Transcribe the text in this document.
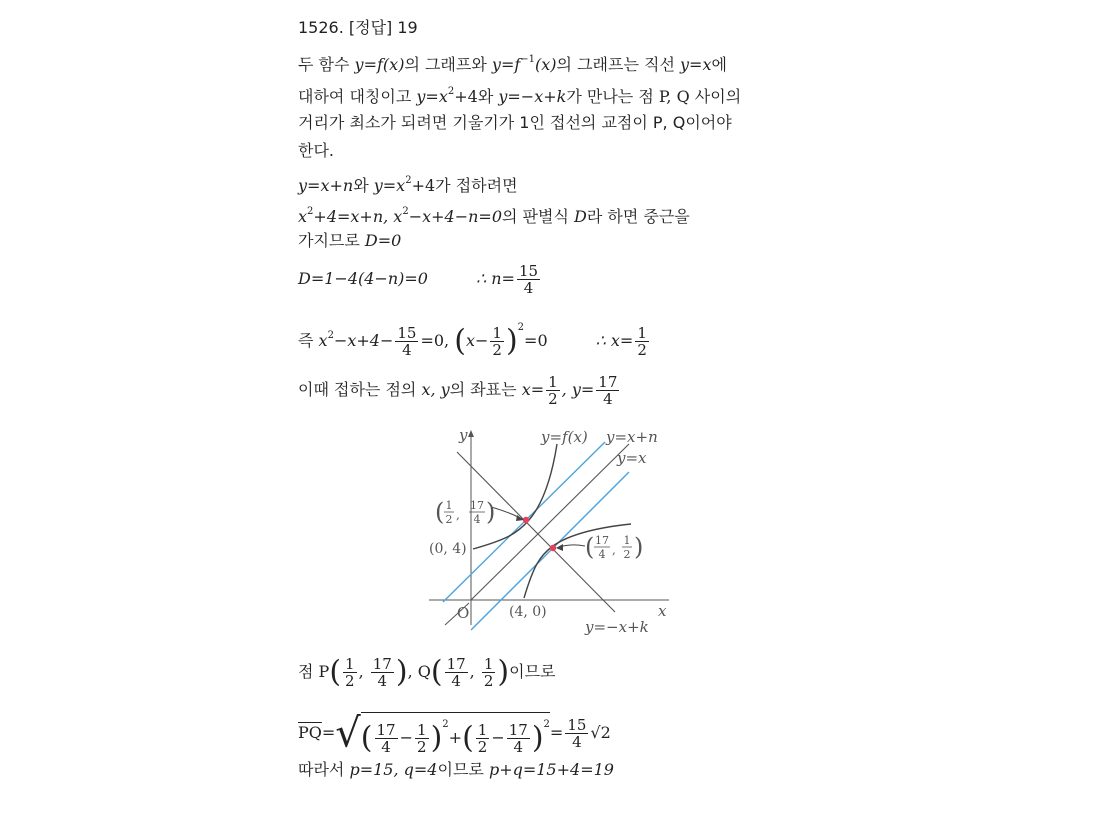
1526. [정답] 19
두 함수 y=f(x)의 그래프와 $y=f^{-1}(x)$의 그래프는 직선 y=x에
대하여 대칭이고 $y=x^2+4$와 y=−x+k가 만나는 점 P, Q 사이의
거리가 최소가 되려면 기울기가 1인 접선의 교점이 P, Q이어야
한다.
y=x+n와 $y=x^2+4$가 접하려면
$x^2+4=x+n$, $x^2-x+4-n=0$의 판별식 D라 하면 중근을
가지므로 D=0
D=1−4(4−n)=0	∴ $n= \frac{15}{4}$
즉 $x^2-x+4- \frac{15}{4} =0$, $(x- \frac{1}{2} )^2=0$	∴ $x= \frac{1}{2}$
이때 접하는 점의 x, y의 좌표는 $x= \frac{1}{2}$ , $y= \frac{17}{4}$
y
x
O
y=f(x) y=x+n
y=x
y=−x+k
(0, 4)
(4, 0)
( 1
2 ,
17
4 )
( 17
4 ,
1
2 )
점 $P( \frac{1}{2}$ , $\frac{17}{4}$ ), $Q( \frac{17}{4}$ , $\frac{1}{2}$ )이므로
$\overline{PQ}=√( \frac{17}{4} - \frac{1}{2} )^2+( \frac{1}{2} - \frac{17}{4} )^2= \frac{15}{4} √2$
따라서 p=15, q=4이므로 p+q=15+4=19
